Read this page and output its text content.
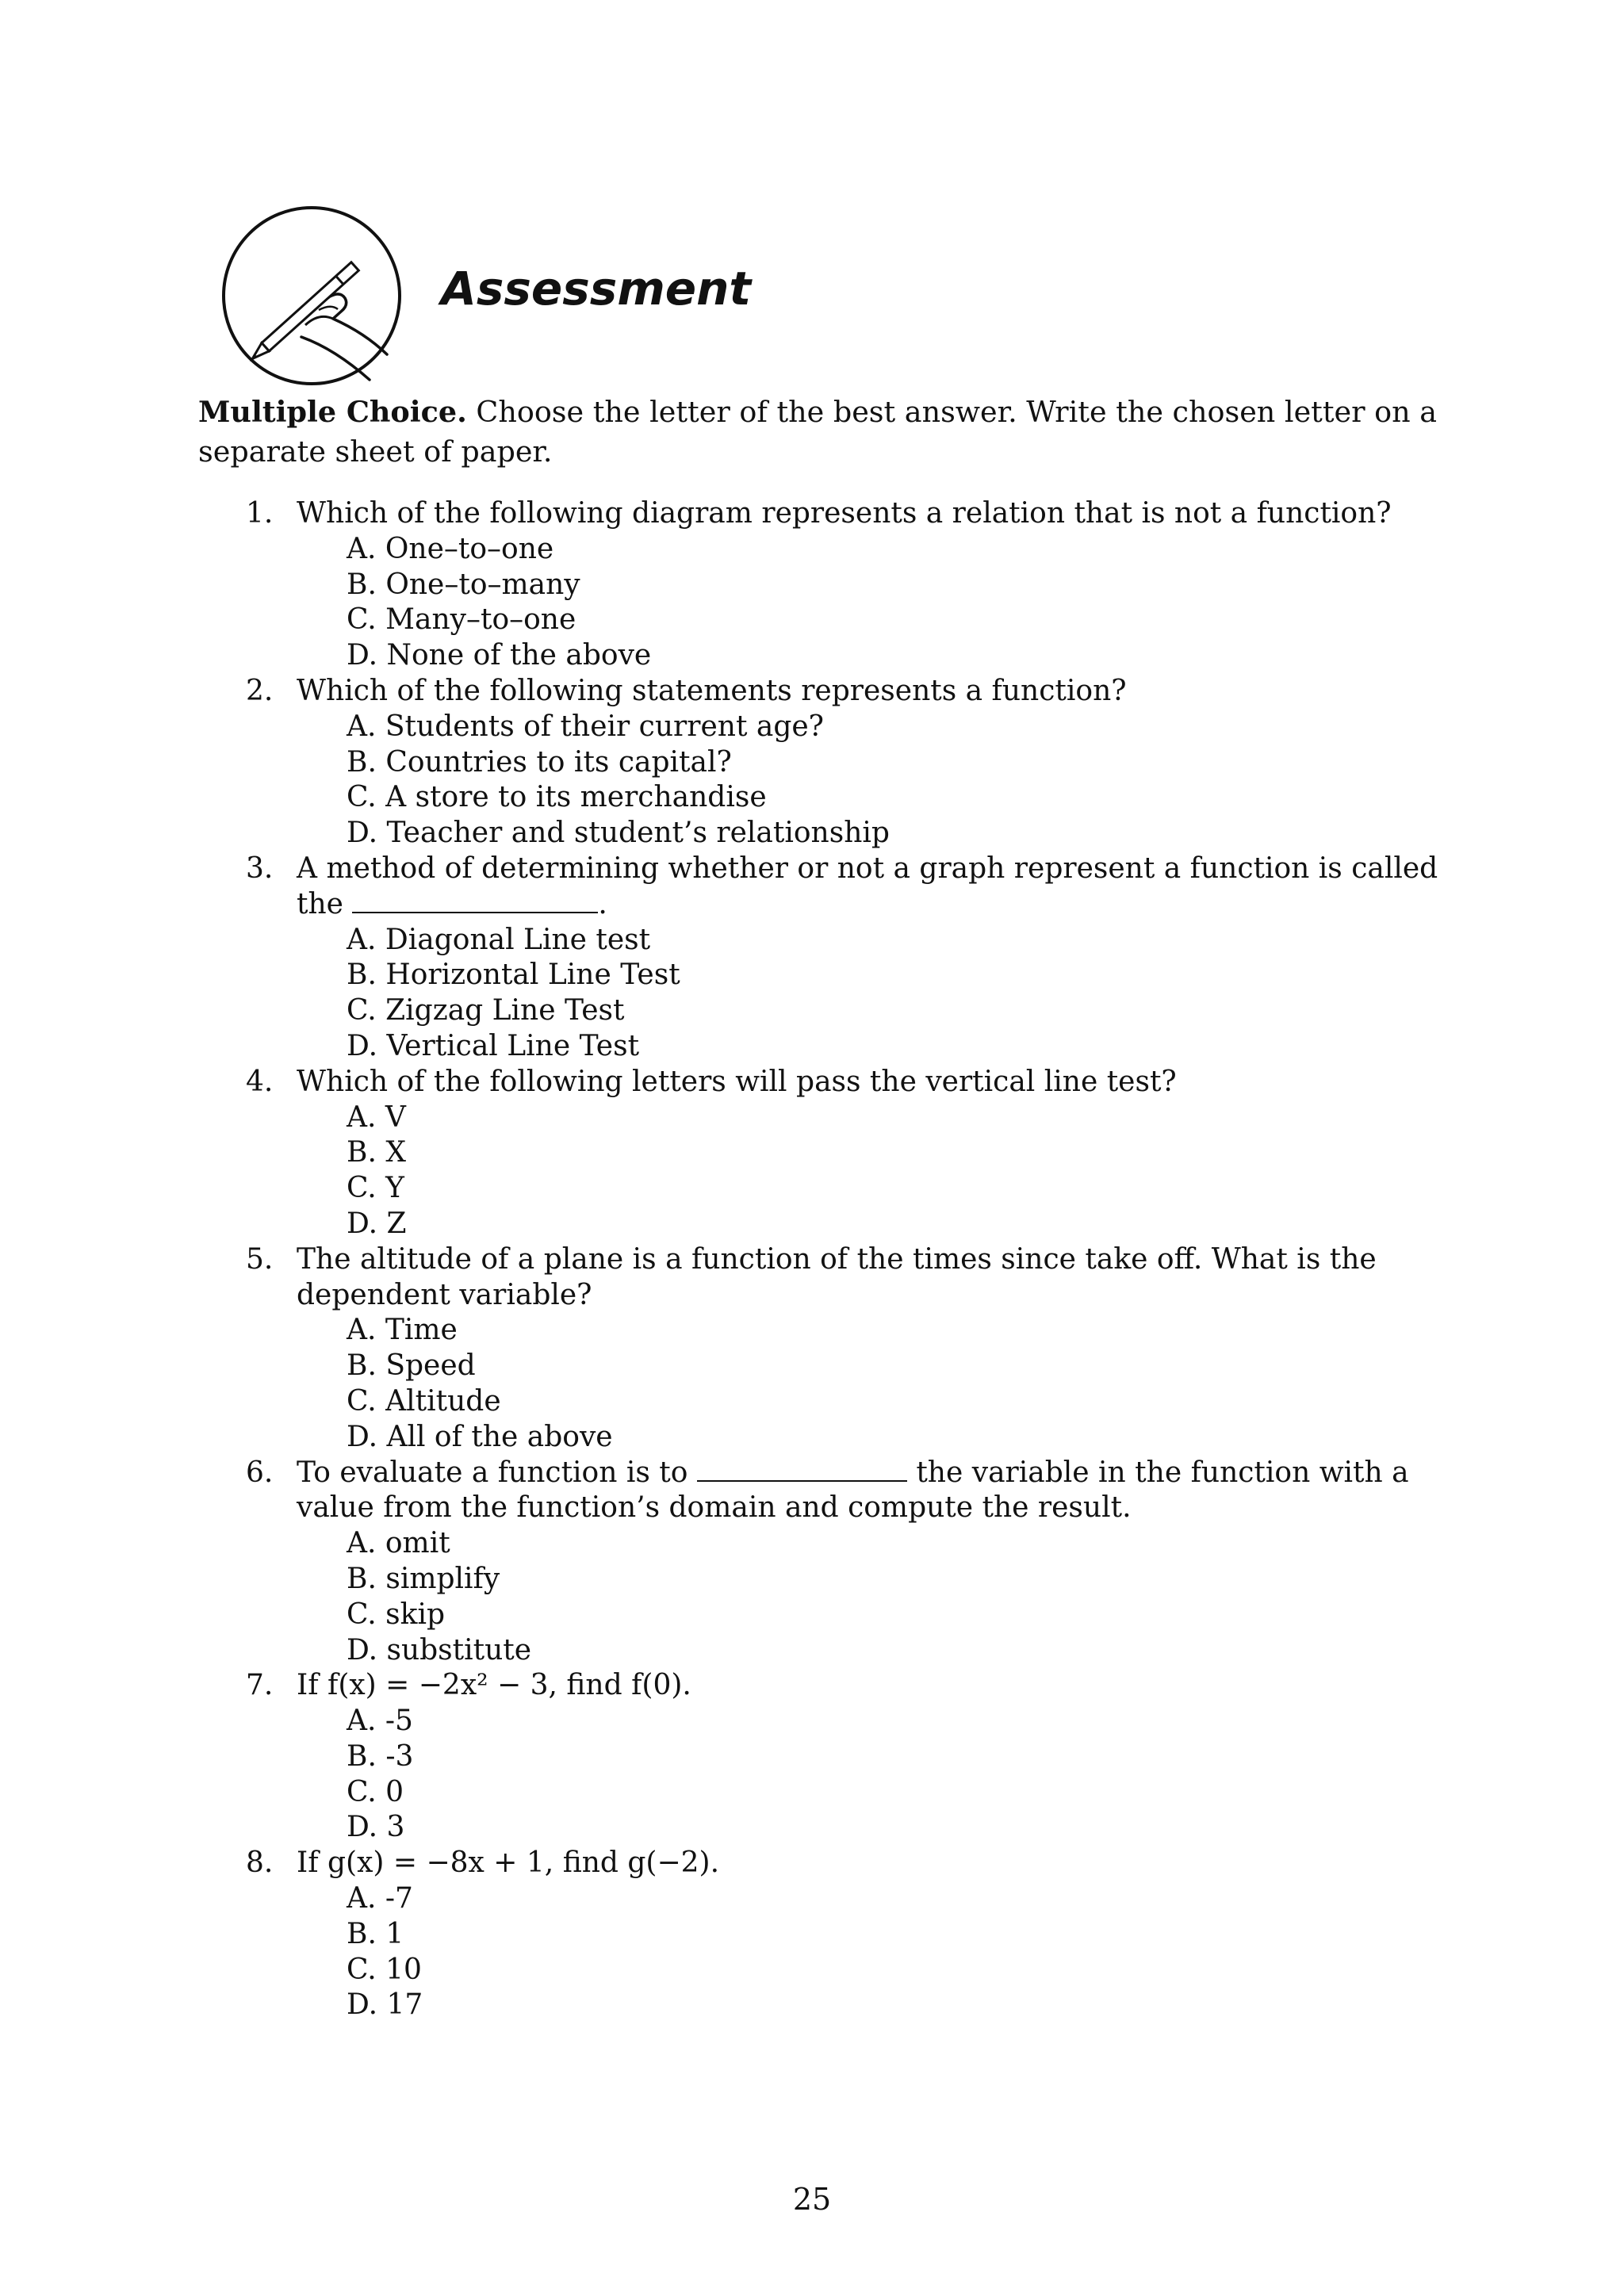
Assessment

Multiple Choice. Choose the letter of the best answer. Write the chosen letter on a separate sheet of paper.

1. Which of the following diagram represents a relation that is not a function?
A. One–to–one
B. One–to–many
C. Many–to–one
D. None of the above
2. Which of the following statements represents a function?
A. Students of their current age?
B. Countries to its capital?
C. A store to its merchandise
D. Teacher and student’s relationship
3. A method of determining whether or not a graph represent a function is called
the	.
A. Diagonal Line test
B. Horizontal Line Test
C. Zigzag Line Test
D. Vertical Line Test
4. Which of the following letters will pass the vertical line test?
A. V
B. X
C. Y
D. Z
5. The altitude of a plane is a function of the times since take off. What is the
dependent variable?
A. Time
B. Speed
C. Altitude
D. All of the above
6. To evaluate a function is to	the variable in the function with a
value from the function’s domain and compute the result.
A. omit
B. simplify
C. skip
D. substitute
7. If f(x) = −2x² − 3, find f(0).
A. -5
B. -3
C. 0
D. 3
8. If g(x) = −8x + 1, find g(−2).
A. -7
B. 1
C. 10
D. 17
25
